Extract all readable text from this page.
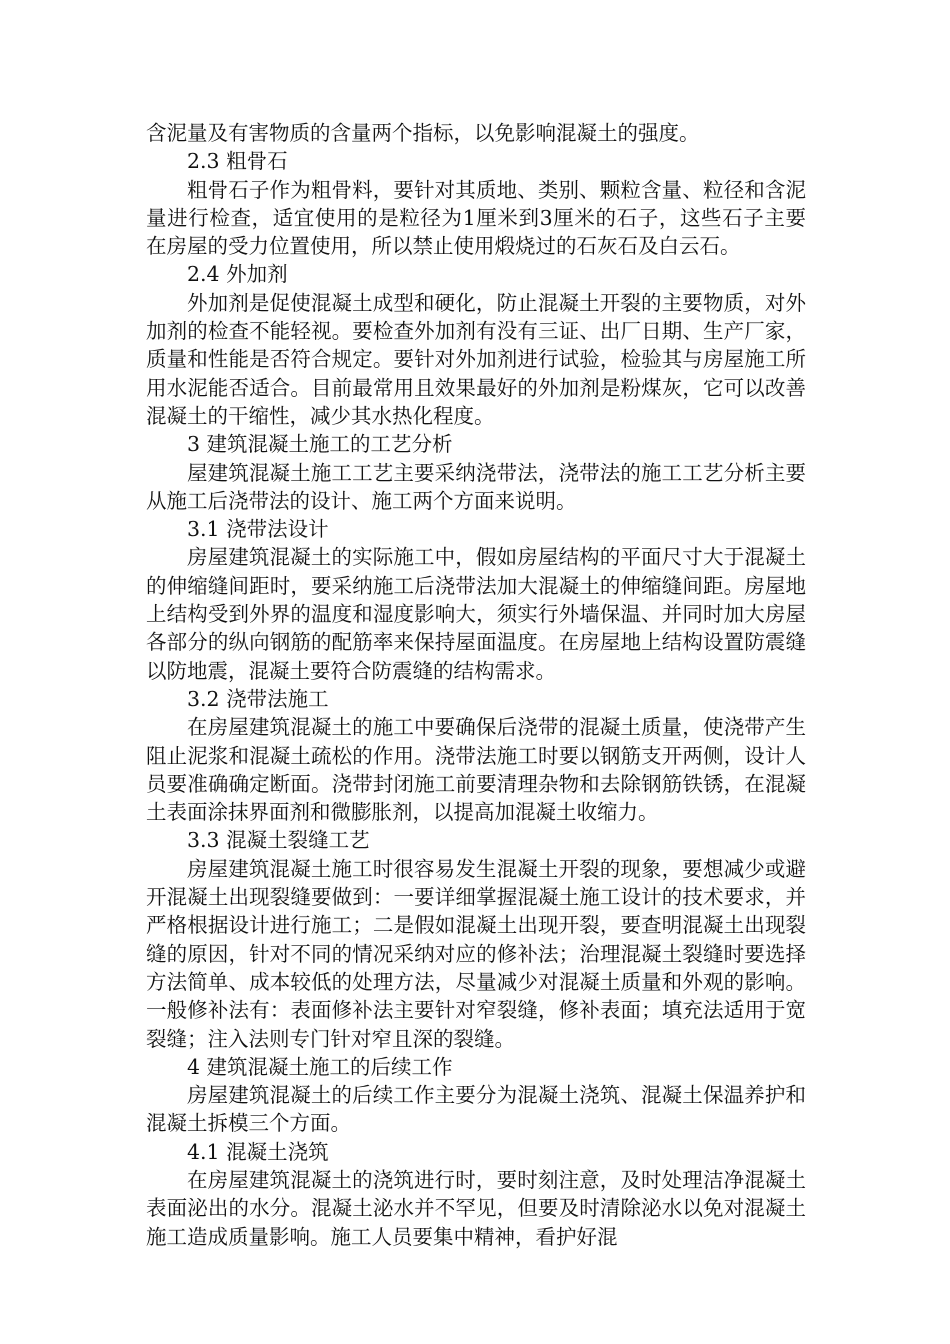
含泥量及有害物质的含量两个指标，以免影响混凝土的强度。

2.3 粗骨石

粗骨石子作为粗骨料，要针对其质地、类别、颗粒含量、粒径和含泥量进行检查，适宜使用的是粒径为1厘米到3厘米的石子，这些石子主要在房屋的受力位置使用，所以禁止使用煅烧过的石灰石及白云石。

2.4 外加剂

外加剂是促使混凝土成型和硬化，防止混凝土开裂的主要物质，对外加剂的检查不能轻视。要检查外加剂有没有三证、出厂日期、生产厂家，质量和性能是否符合规定。要针对外加剂进行试验，检验其与房屋施工所用水泥能否适合。目前最常用且效果最好的外加剂是粉煤灰，它可以改善混凝土的干缩性，减少其水热化程度。

3 建筑混凝土施工的工艺分析

屋建筑混凝土施工工艺主要采纳浇带法，浇带法的施工工艺分析主要从施工后浇带法的设计、施工两个方面来说明。

3.1 浇带法设计

房屋建筑混凝土的实际施工中，假如房屋结构的平面尺寸大于混凝土的伸缩缝间距时，要采纳施工后浇带法加大混凝土的伸缩缝间距。房屋地上结构受到外界的温度和湿度影响大，须实行外墙保温、并同时加大房屋各部分的纵向钢筋的配筋率来保持屋面温度。在房屋地上结构设置防震缝以防地震，混凝土要符合防震缝的结构需求。

3.2 浇带法施工

在房屋建筑混凝土的施工中要确保后浇带的混凝土质量，使浇带产生阻止泥浆和混凝土疏松的作用。浇带法施工时要以钢筋支开两侧，设计人员要准确确定断面。浇带封闭施工前要清理杂物和去除钢筋铁锈，在混凝土表面涂抹界面剂和微膨胀剂，以提高加混凝土收缩力。

3.3 混凝土裂缝工艺

房屋建筑混凝土施工时很容易发生混凝土开裂的现象，要想减少或避开混凝土出现裂缝要做到：一要详细掌握混凝土施工设计的技术要求，并严格根据设计进行施工；二是假如混凝土出现开裂，要查明混凝土出现裂缝的原因，针对不同的情况采纳对应的修补法；治理混凝土裂缝时要选择方法简单、成本较低的处理方法，尽量减少对混凝土质量和外观的影响。一般修补法有：表面修补法主要针对窄裂缝，修补表面；填充法适用于宽裂缝；注入法则专门针对窄且深的裂缝。

4 建筑混凝土施工的后续工作

房屋建筑混凝土的后续工作主要分为混凝土浇筑、混凝土保温养护和混凝土拆模三个方面。

4.1 混凝土浇筑

在房屋建筑混凝土的浇筑进行时，要时刻注意，及时处理洁净混凝土表面泌出的水分。混凝土泌水并不罕见，但要及时清除泌水以免对混凝土施工造成质量影响。施工人员要集中精神，看护好混
